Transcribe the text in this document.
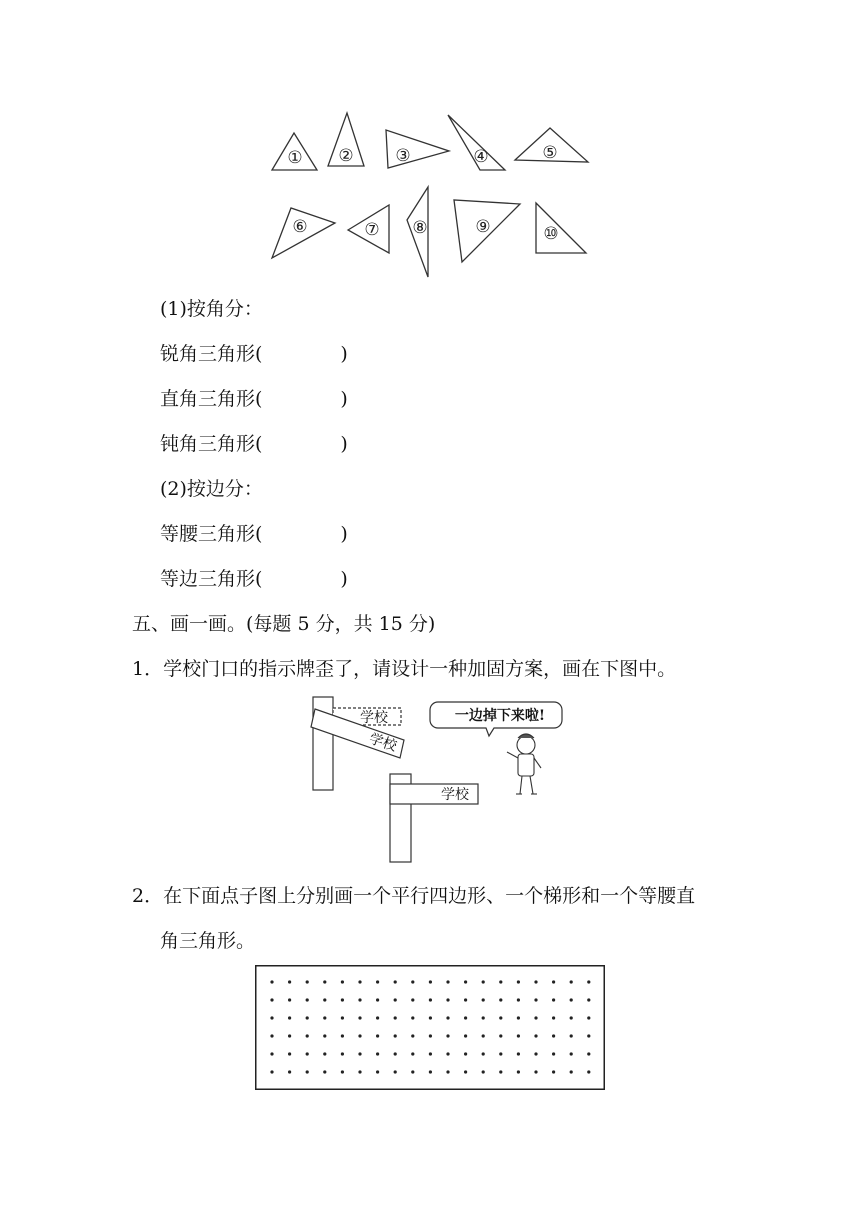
① ② ③	④	⑤
⑥	⑦ ⑧	⑨	⑩
(1)按角分：
锐角三角形(	)
直角三角形(	)
钝角三角形(	)
(2)按边分：
等腰三角形(	)
等边三角形(	)
五、画一画。(每题 5 分，共 15 分)
1．学校门口的指示牌歪了，请设计一种加固方案，画在下图中。
学校
学校
学校
一边掉下来啦!
2．在下面点子图上分别画一个平行四边形、一个梯形和一个等腰直
角三角形。
